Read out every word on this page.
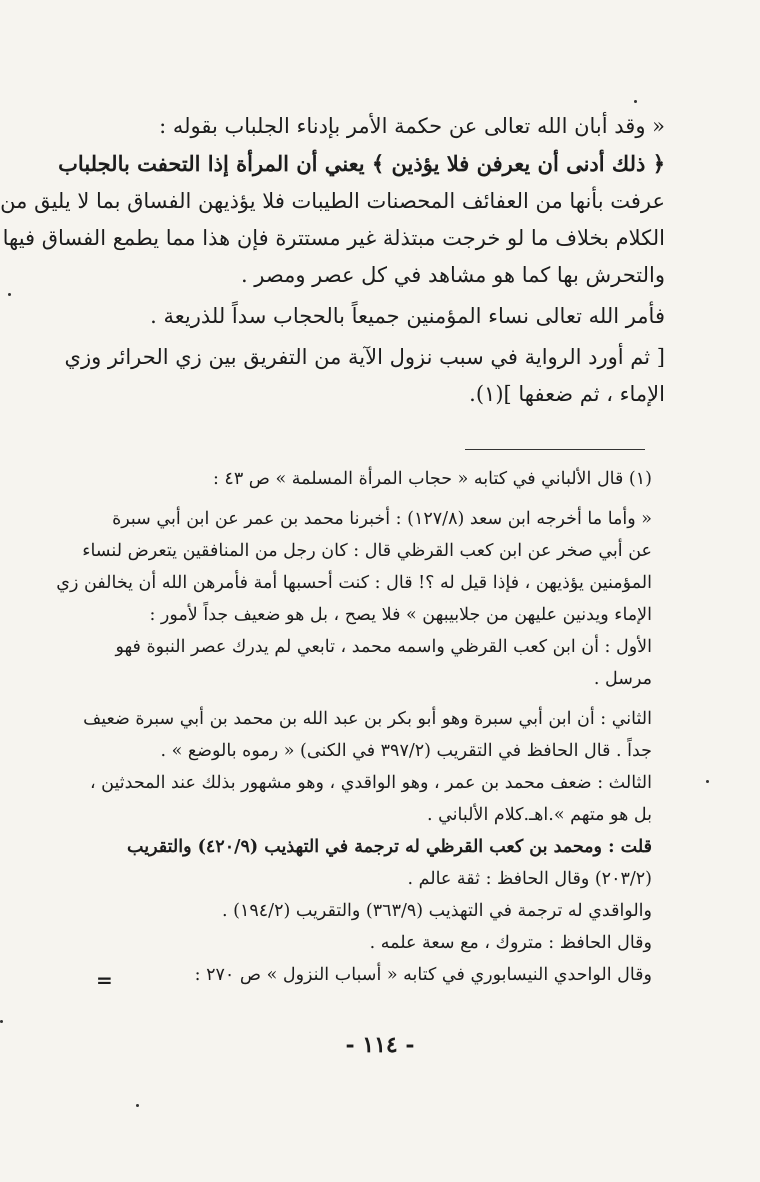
« وقد أبان الله تعالى عن حكمة الأمر بإدناء الجلباب بقوله :
﴿ ذلك أدنى أن يعرفن فلا يؤذين ﴾ يعني أن المرأة إذا التحفت بالجلباب
عرفت بأنها من العفائف المحصنات الطيبات فلا يؤذيهن الفساق بما لا يليق من
الكلام بخلاف ما لو خرجت مبتذلة غير مستترة فإن هذا مما يطمع الفساق فيها
والتحرش بها كما هو مشاهد في كل عصر ومصر .
فأمر الله تعالى نساء المؤمنين جميعاً بالحجاب سداً للذريعة .
[ ثم أورد الرواية في سبب نزول الآية من التفريق بين زي الحرائر وزي
الإماء ، ثم ضعفها ](١).
(١) قال الألباني في كتابه « حجاب المرأة المسلمة » ص ٤٣ :
« وأما ما أخرجه ابن سعد (١٢٧/٨) : أخبرنا محمد بن عمر عن ابن أبي سبرة
عن أبي صخر عن ابن كعب القرظي قال : كان رجل من المنافقين يتعرض لنساء
المؤمنين يؤذيهن ، فإذا قيل له ؟! قال : كنت أحسبها أمة فأمرهن الله أن يخالفن زي
الإماء ويدنين عليهن من جلابيبهن » فلا يصح ، بل هو ضعيف جداً لأمور :
الأول : أن ابن كعب القرظي واسمه محمد ، تابعي لم يدرك عصر النبوة فهو
مرسل .
الثاني : أن ابن أبي سبرة وهو أبو بكر بن عبد الله بن محمد بن أبي سبرة ضعيف
جداً . قال الحافظ في التقريب (٣٩٧/٢ في الكنى) « رموه بالوضع » .
الثالث : ضعف محمد بن عمر ، وهو الواقدي ، وهو مشهور بذلك عند المحدثين ،
بل هو متهم ».اهـ.كلام الألباني .
قلت : ومحمد بن كعب القرظي له ترجمة في التهذيب (٤٢٠/٩) والتقريب
(٢٠٣/٢) وقال الحافظ : ثقة عالم .
والواقدي له ترجمة في التهذيب (٣٦٣/٩) والتقريب (١٩٤/٢) .
وقال الحافظ : متروك ، مع سعة علمه .
وقال الواحدي النيسابوري في كتابه « أسباب النزول » ص ٢٧٠ :
=
- ١١٤ -
